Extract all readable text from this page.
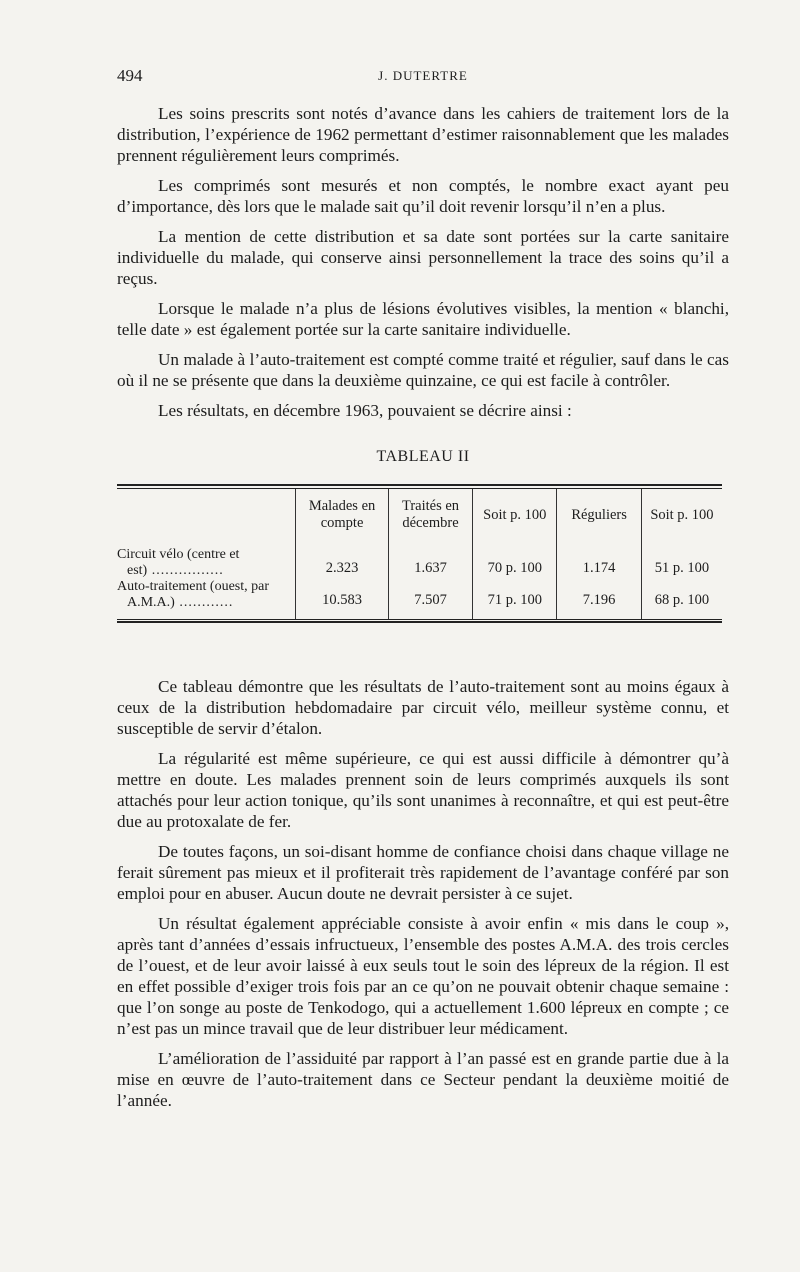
494	J. DUTERTRE

Les soins prescrits sont notés d’avance dans les cahiers de traitement lors de la distribution, l’expérience de 1962 permettant d’estimer raisonnablement que les malades prennent régulièrement leurs comprimés.

Les comprimés sont mesurés et non comptés, le nombre exact ayant peu d’importance, dès lors que le malade sait qu’il doit revenir lorsqu’il n’en a plus.

La mention de cette distribution et sa date sont portées sur la carte sanitaire individuelle du malade, qui conserve ainsi personnellement la trace des soins qu’il a reçus.

Lorsque le malade n’a plus de lésions évolutives visibles, la mention « blanchi, telle date » est également portée sur la carte sanitaire individuelle.

Un malade à l’auto-traitement est compté comme traité et régulier, sauf dans le cas où il ne se présente que dans la deuxième quinzaine, ce qui est facile à contrôler.

Les résultats, en décembre 1963, pouvaient se décrire ainsi :

TABLEAU II
	Malades en compte	Traités en décembre	Soit p. 100	Réguliers	Soit p. 100

Circuit vélo (centre et
est) ................	2.323	1.637	70 p. 100	1.174	51 p. 100
Auto-traitement (ouest, par
A.M.A.) ............	10.583	7.507	71 p. 100	7.196	68 p. 100

Ce tableau démontre que les résultats de l’auto-traitement sont au moins égaux à ceux de la distribution hebdomadaire par circuit vélo, meilleur système connu, et susceptible de servir d’étalon.

La régularité est même supérieure, ce qui est aussi difficile à démontrer qu’à mettre en doute. Les malades prennent soin de leurs comprimés auxquels ils sont attachés pour leur action tonique, qu’ils sont unanimes à reconnaître, et qui est peut-être due au protoxalate de fer.

De toutes façons, un soi-disant homme de confiance choisi dans chaque village ne ferait sûrement pas mieux et il profiterait très rapidement de l’avantage conféré par son emploi pour en abuser. Aucun doute ne devrait persister à ce sujet.

Un résultat également appréciable consiste à avoir enfin « mis dans le coup », après tant d’années d’essais infructueux, l’ensemble des postes A.M.A. des trois cercles de l’ouest, et de leur avoir laissé à eux seuls tout le soin des lépreux de la région. Il est en effet possible d’exiger trois fois par an ce qu’on ne pouvait obtenir chaque semaine : que l’on songe au poste de Tenkodogo, qui a actuellement 1.600 lépreux en compte ; ce n’est pas un mince travail que de leur distribuer leur médicament.

L’amélioration de l’assiduité par rapport à l’an passé est en grande partie due à la mise en œuvre de l’auto-traitement dans ce Secteur pendant la deuxième moitié de l’année.
